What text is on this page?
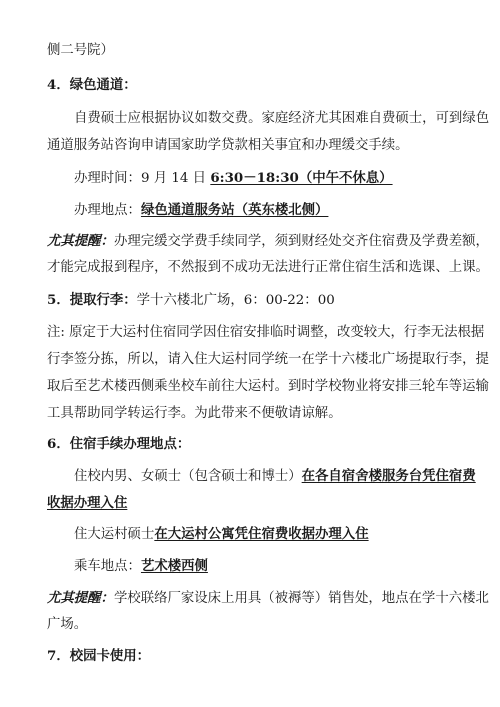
侧二号院）
4．绿色通道：
自费硕士应根据协议如数交费。家庭经济尤其困难自费硕士，可到绿色
通道服务站咨询申请国家助学贷款相关事宜和办理缓交手续。
办理时间：9 月 14 日 6:30－18:30（中午不休息）
办理地点：绿色通道服务站（英东楼北侧）
尤其提醒：办理完缓交学费手续同学，须到财经处交齐住宿费及学费差额，
才能完成报到程序，不然报到不成功无法进行正常住宿生活和选课、上课。
5．提取行李：学十六楼北广场，6：00-22：00
注: 原定于大运村住宿同学因住宿安排临时调整，改变较大，行李无法根据
行李签分拣，所以，请入住大运村同学统一在学十六楼北广场提取行李，提
取后至艺术楼西侧乘坐校车前往大运村。到时学校物业将安排三轮车等运输
工具帮助同学转运行李。为此带来不便敬请谅解。
6．住宿手续办理地点：
住校内男、女硕士（包含硕士和博士）在各自宿舍楼服务台凭住宿费
收据办理入住
住大运村硕士在大运村公寓凭住宿费收据办理入住
乘车地点：艺术楼西侧
尤其提醒：学校联络厂家设床上用具（被褥等）销售处，地点在学十六楼北
广场。
7．校园卡使用：
